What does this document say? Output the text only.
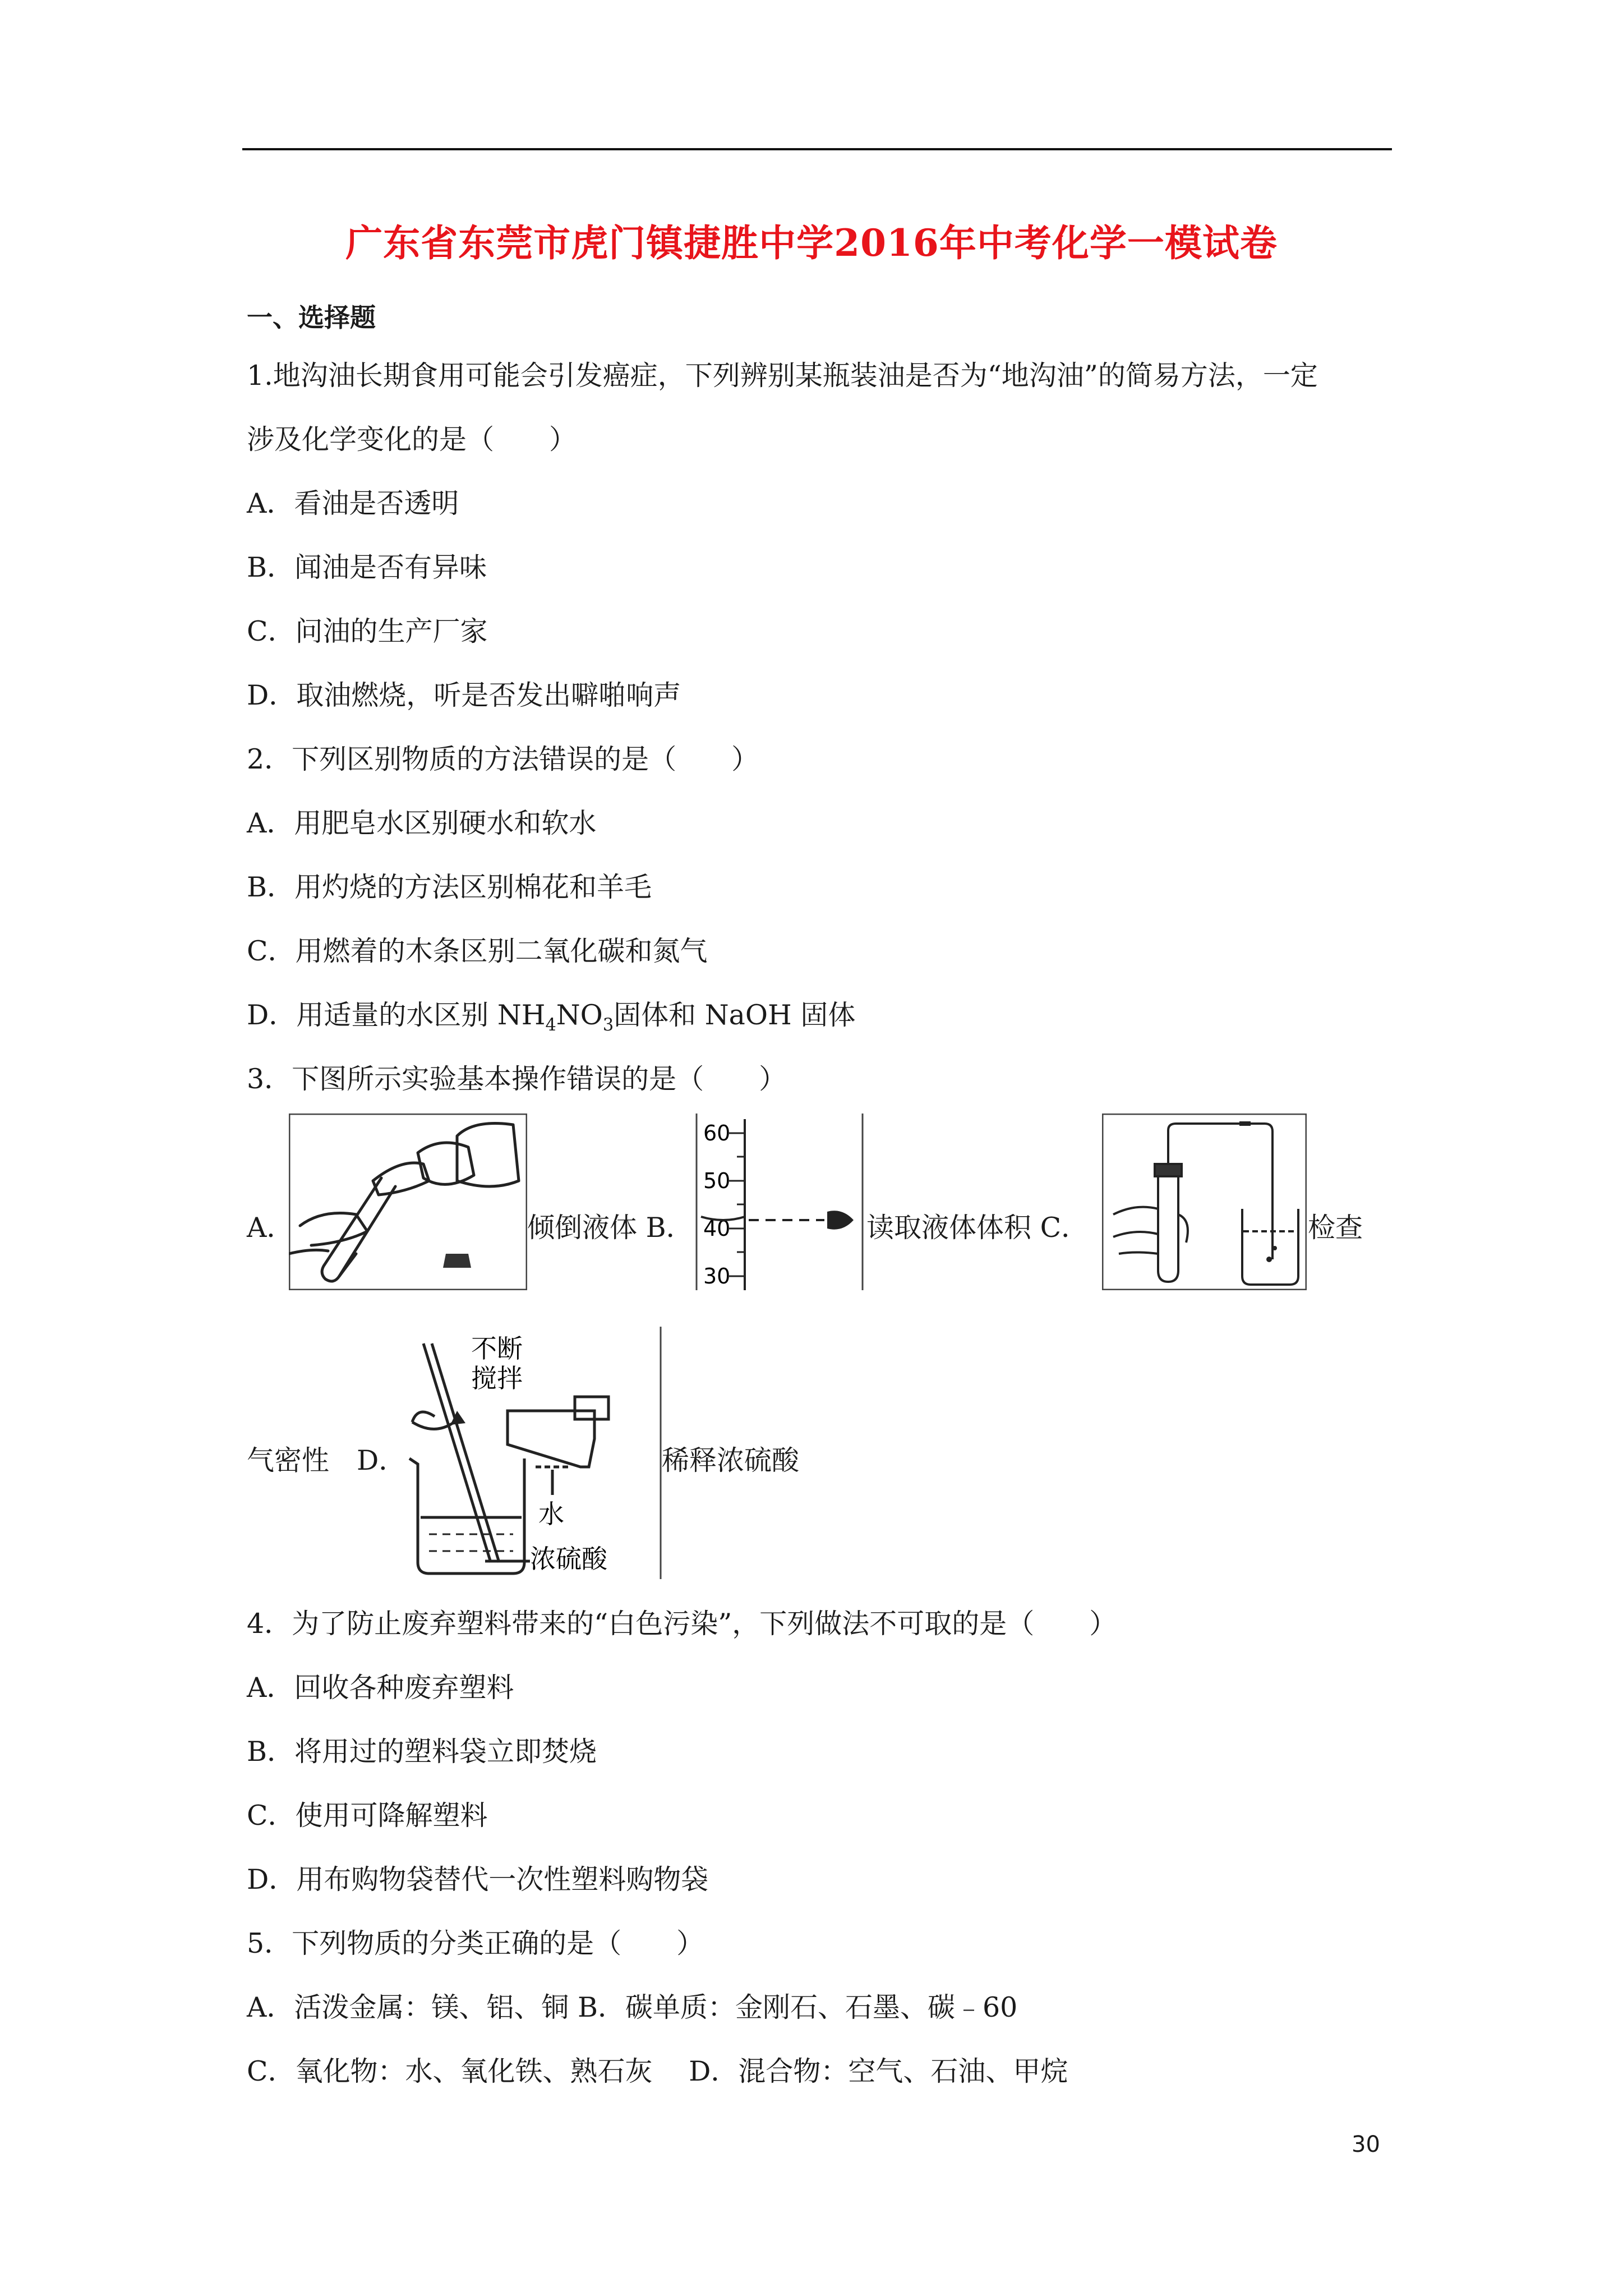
广东省东莞市虎门镇捷胜中学2016年中考化学一模试卷
一、选择题
1.地沟油长期食用可能会引发癌症，下列辨别某瓶装油是否为“地沟油”的简易方法，一定
涉及化学变化的是（　　）
A．看油是否透明
B．闻油是否有异味
C．问油的生产厂家
D．取油燃烧，听是否发出噼啪响声
2．下列区别物质的方法错误的是（　　）
A．用肥皂水区别硬水和软水
B．用灼烧的方法区别棉花和羊毛
C．用燃着的木条区别二氧化碳和氮气
D．用适量的水区别 $NH_4NO_3$固体和 NaOH 固体
3．下图所示实验基本操作错误的是（　　）
A．	倾倒液体 B．
60
50
40
30
读取液体体积 C．	检查
气密性　D．
不断
搅拌
水
浓硫酸
稀释浓硫酸
4．为了防止废弃塑料带来的“白色污染”，下列做法不可取的是（　　）
A．回收各种废弃塑料
B．将用过的塑料袋立即焚烧
C．使用可降解塑料
D．用布购物袋替代一次性塑料购物袋
5．下列物质的分类正确的是（　　）
A．活泼金属：镁、铝、铜 B．碳单质：金刚石、石墨、碳﹣60
C．氧化物：水、氧化铁、熟石灰　 D．混合物：空气、石油、甲烷
30
